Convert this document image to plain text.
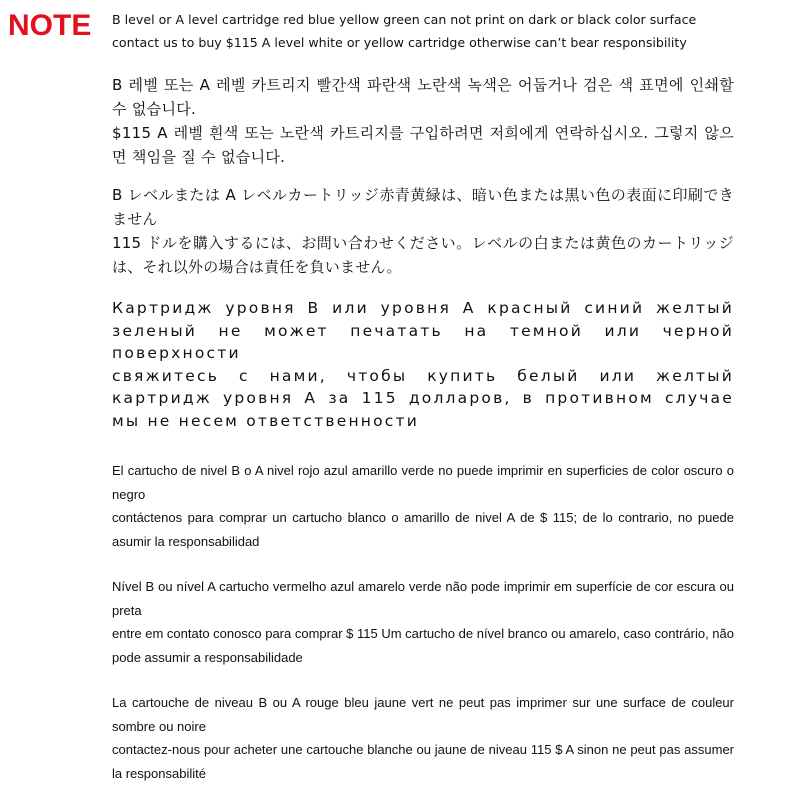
NOTE B level or A level cartridge red blue yellow green can not print on dark or black color surface
contact us to buy $115 A level white or yellow cartridge otherwise can’t bear responsibility

B 레벨 또는 A 레벨 카트리지 빨간색 파란색 노란색 녹색은 어둡거나 검은 색 표면에 인쇄할 수 없습니다.
$115 A 레벨 흰색 또는 노란색 카트리지를 구입하려면 저희에게 연락하십시오. 그렇지 않으면 책임을 질 수 없습니다.

B レベルまたは A レベルカートリッジ赤青黄緑は、暗い色または黒い色の表面に印刷できません
115 ドルを購入するには、お問い合わせください。レベルの白または黄色のカートリッジは、それ以外の場合は責任を負いません。

Картридж уровня B или уровня A красный синий желтый зеленый не может печатать на темной или черной поверхности
свяжитесь с нами, чтобы купить белый или желтый картридж уровня A за 115 долларов, в противном случае мы не несем ответственности

El cartucho de nivel B o A nivel rojo azul amarillo verde no puede imprimir en superficies de color oscuro o negro
contáctenos para comprar un cartucho blanco o amarillo de nivel A de $ 115; de lo contrario, no puede asumir la responsabilidad

Nível B ou nível A cartucho vermelho azul amarelo verde não pode imprimir em superfície de cor escura ou preta
entre em contato conosco para comprar $ 115 Um cartucho de nível branco ou amarelo, caso contrário, não pode assumir a responsabilidade

La cartouche de niveau B ou A rouge bleu jaune vert ne peut pas imprimer sur une surface de couleur sombre ou noire
contactez-nous pour acheter une cartouche blanche ou jaune de niveau 115 $ A sinon ne peut pas assumer la responsabilité
